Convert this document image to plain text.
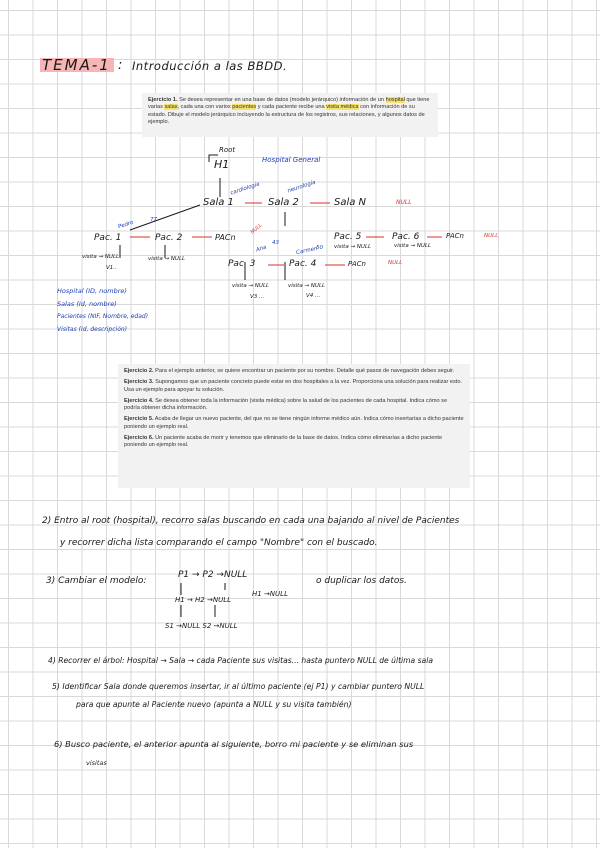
TEMA-1 : Introducción a las BBDD.

Ejercicio 1. Se desea representar en una base de datos (modelo jerárquico) información de un hospital que tiene varias salas, cada una con varios pacientes y cada paciente recibe una visita médica con información de su estado. Dibuje el modelo jerárquico incluyendo la estructura de los registros, sus relaciones, y algunos datos de ejemplo.

Root
H1	Hospital General
cardiología	neurología
Sala 1	Sala 2	Sala N	NULL
Pedro	77
Pac. 1	Pac. 2	PACn
NULL
Pac. 5	Pac. 6	PACn	NULL
Ana
43
Carmen
50
visita → NULL
V1..
visita → NULL
visita → NULL	visita → NULL
Pac. 3	Pac. 4	PACn	NULL
visita → NULL
V3 ...
visita → NULL
V4 ...
Hospital (ID, nombre)
Salas (Id, nombre)
Pacientes (NIF, Nombre, edad)
Visitas (Id, descripción)

Ejercicio 2. Para el ejemplo anterior, se quiere encontrar un paciente por su nombre. Detalle qué pasos de navegación debes seguir.

Ejercicio 3. Supongamos que un paciente concreto puede estar en dos hospitales a la vez. Proporciona una solución para realizar esto. Usa un ejemplo para apoyar tu solución.

Ejercicio 4. Se desea obtener toda la información (visita médica) sobre la salud de los pacientes de cada hospital. Indica cómo se podría obtener dicha información.

Ejercicio 5. Acaba de llegar un nuevo paciente, del que no se tiene ningún informe médico aún. Indica cómo insertarías a dicho paciente poniendo un ejemplo real.

Ejercicio 6. Un paciente acaba de morir y tenemos que eliminarlo de la base de datos. Indica cómo eliminarías a dicho paciente poniendo un ejemplo real.

2) Entro al root (hospital), recorro salas buscando en cada una bajando al nivel de Pacientes
y recorrer dicha lista comparando el campo "Nombre" con el buscado.
3) Cambiar el modelo:
P1 → P2 →NULL
o duplicar los datos.
H1 →NULL
H1 → H2 →NULL
S1 →NULL S2 →NULL
4) Recorrer el árbol: Hospital → Sala → cada Paciente sus visitas... hasta puntero NULL de última sala
5) Identificar Sala donde queremos insertar, ir al último paciente (ej P1) y cambiar puntero NULL
para que apunte al Paciente nuevo (apunta a NULL y su visita también)
6) Busco paciente, el anterior apunta al siguiente, borro mi paciente y se eliminan sus
visitas
